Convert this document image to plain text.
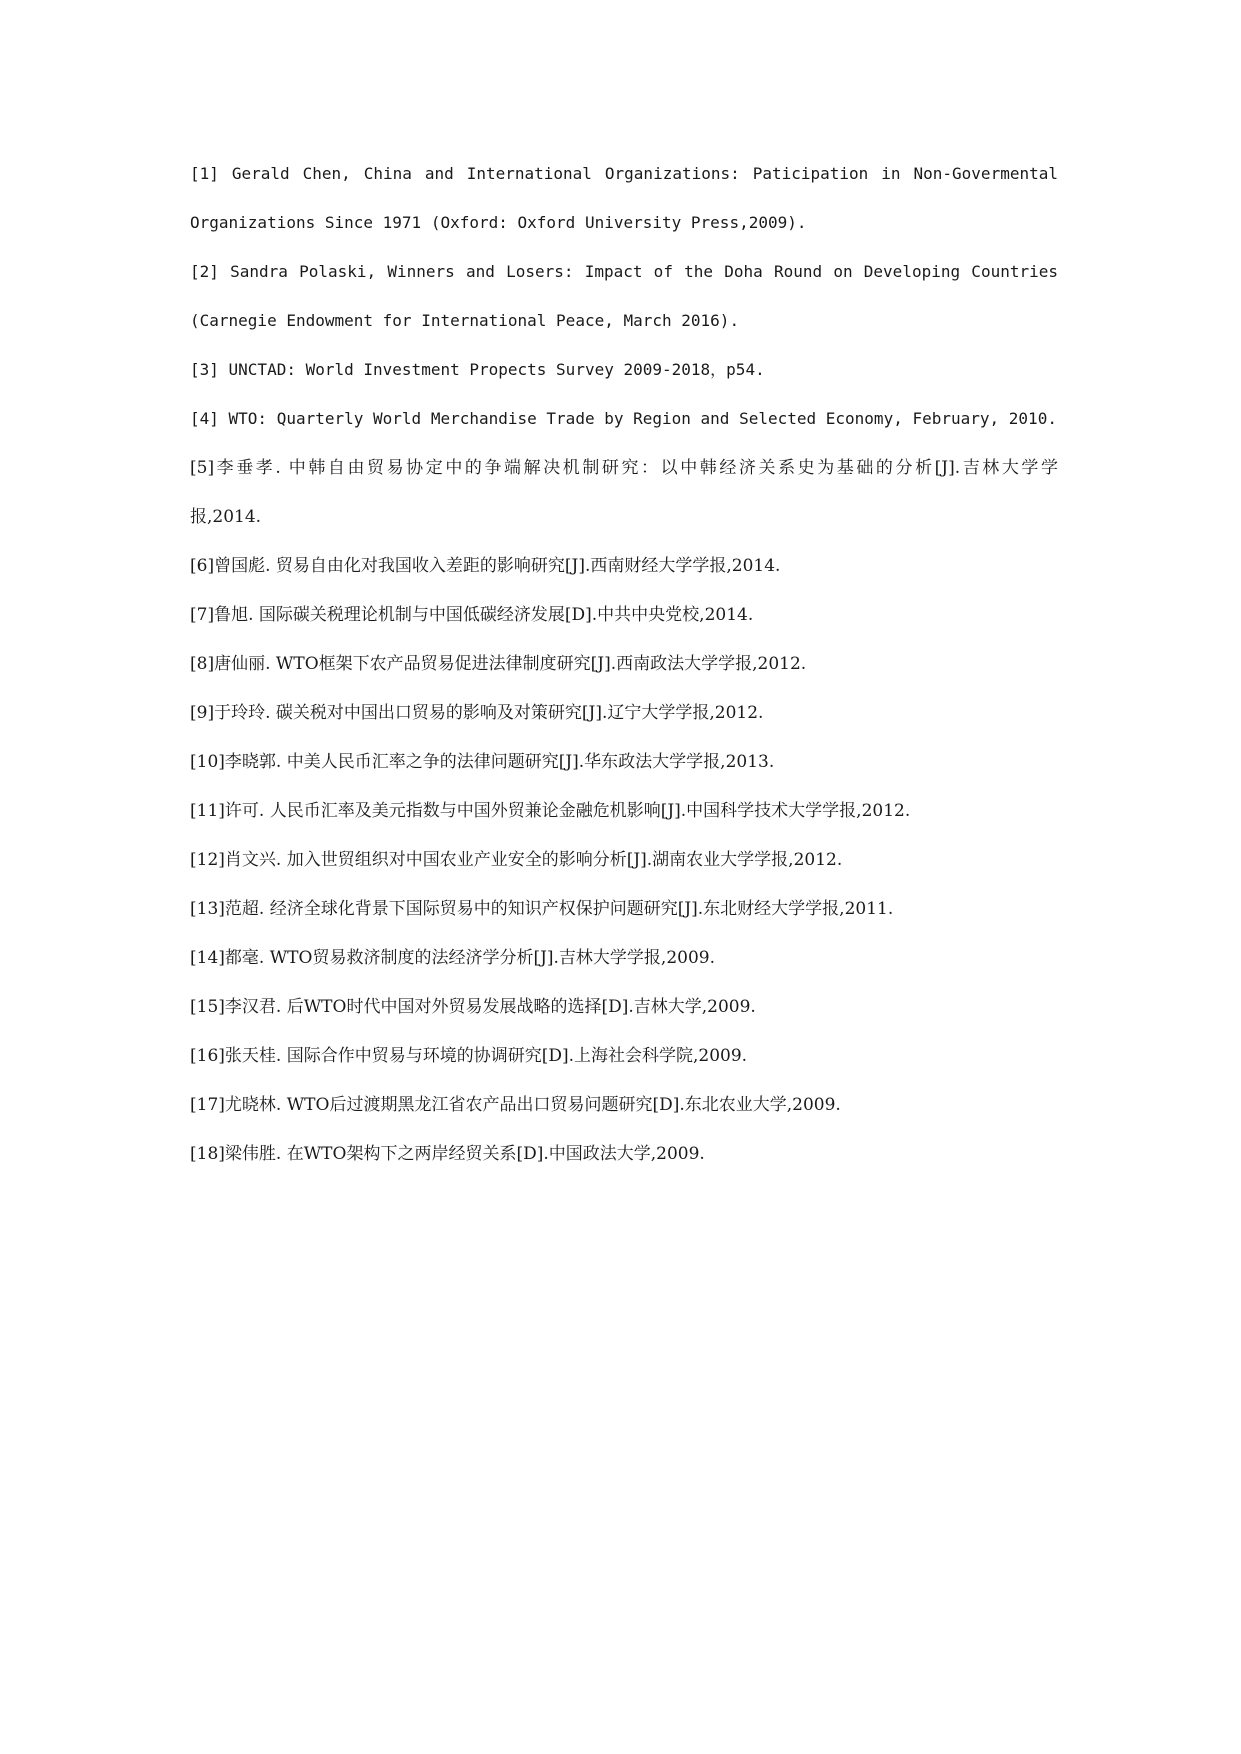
[1] Gerald Chen, China and International Organizations: Paticipation in Non-Govermental

Organizations Since 1971 (Oxford: Oxford University Press,2009).

[2] Sandra Polaski, Winners and Losers: Impact of the Doha Round on Developing Countries

(Carnegie Endowment for International Peace, March 2016).

[3] UNCTAD: World Investment Propects Survey 2009-2018，p54.

[4] WTO: Quarterly World Merchandise Trade by Region and Selected Economy, February, 2010.

[5]李垂孝. 中韩自由贸易协定中的争端解决机制研究：以中韩经济关系史为基础的分析[J].吉林大学学

报,2014.

[6]曾国彪. 贸易自由化对我国收入差距的影响研究[J].西南财经大学学报,2014.

[7]鲁旭. 国际碳关税理论机制与中国低碳经济发展[D].中共中央党校,2014.

[8]唐仙丽. WTO框架下农产品贸易促进法律制度研究[J].西南政法大学学报,2012.

[9]于玲玲. 碳关税对中国出口贸易的影响及对策研究[J].辽宁大学学报,2012.

[10]李晓郭. 中美人民币汇率之争的法律问题研究[J].华东政法大学学报,2013.

[11]许可. 人民币汇率及美元指数与中国外贸兼论金融危机影响[J].中国科学技术大学学报,2012.

[12]肖文兴. 加入世贸组织对中国农业产业安全的影响分析[J].湖南农业大学学报,2012.

[13]范超. 经济全球化背景下国际贸易中的知识产权保护问题研究[J].东北财经大学学报,2011.

[14]都毫. WTO贸易救济制度的法经济学分析[J].吉林大学学报,2009.

[15]李汉君. 后WTO时代中国对外贸易发展战略的选择[D].吉林大学,2009.

[16]张天桂. 国际合作中贸易与环境的协调研究[D].上海社会科学院,2009.

[17]尤晓林. WTO后过渡期黑龙江省农产品出口贸易问题研究[D].东北农业大学,2009.

[18]梁伟胜. 在WTO架构下之两岸经贸关系[D].中国政法大学,2009.
